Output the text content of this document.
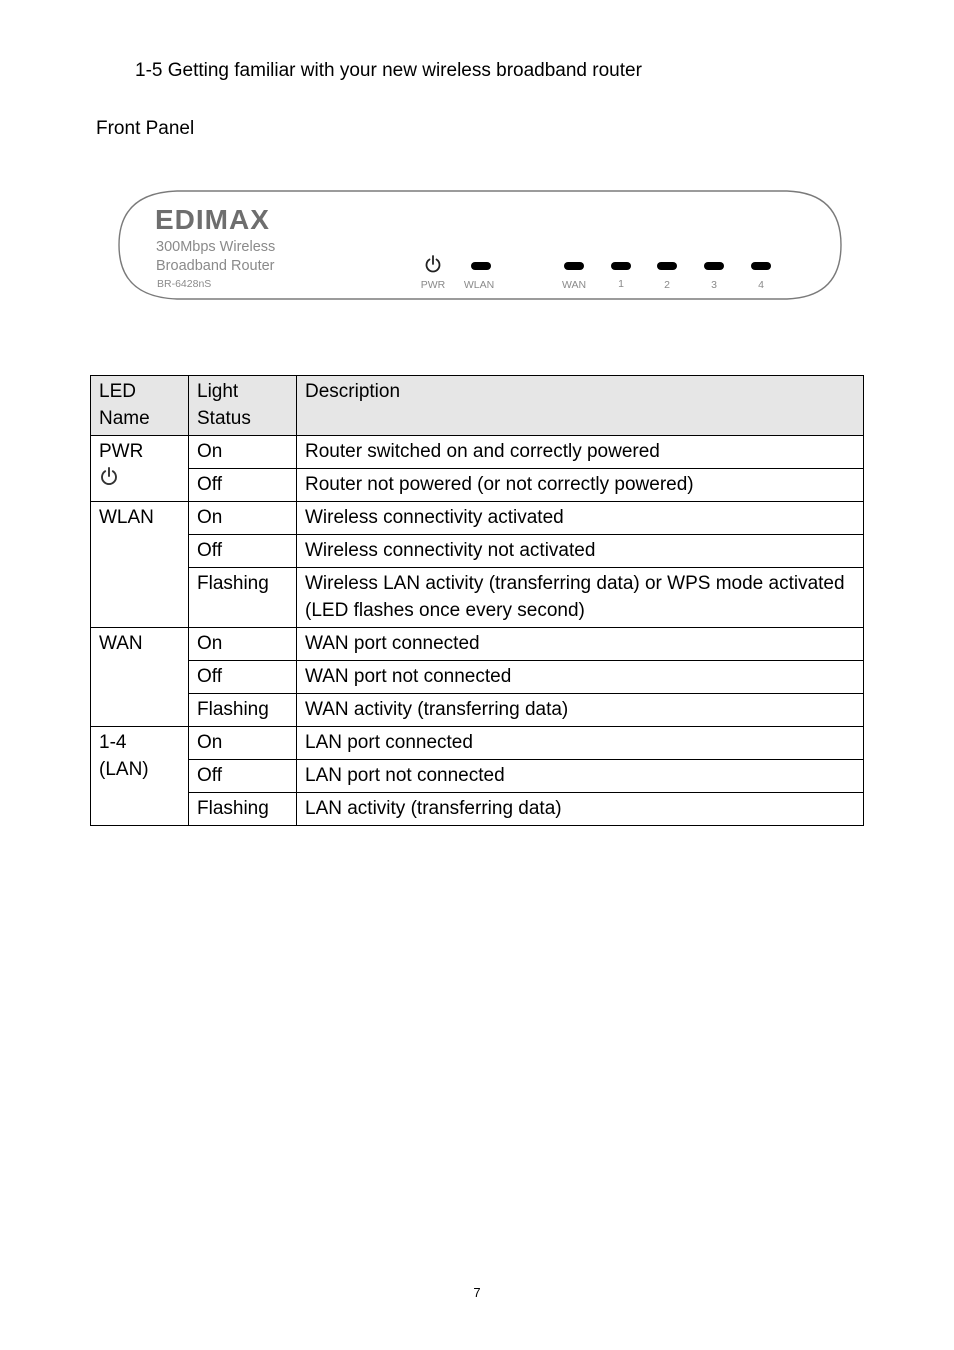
1-5 Getting familiar with your new wireless broadband router
Front Panel
EDIMAX
300Mbps Wireless
Broadband Router
BR-6428nS	PWR WLAN	WAN	1	2	3	4
LED Name	Light Status	Description
PWR	On	Router switched on and correctly powered
	Off	Router not powered (or not correctly powered)
WLAN	On	Wireless connectivity activated
	Off	Wireless connectivity not activated
	Flashing	Wireless LAN activity (transferring data) or WPS mode activated (LED flashes once every second)
WAN	On	WAN port connected
	Off	WAN port not connected
	Flashing	WAN activity (transferring data)
1-4
(LAN)	On	LAN port connected
	Off	LAN port not connected
	Flashing	LAN activity (transferring data)
7
